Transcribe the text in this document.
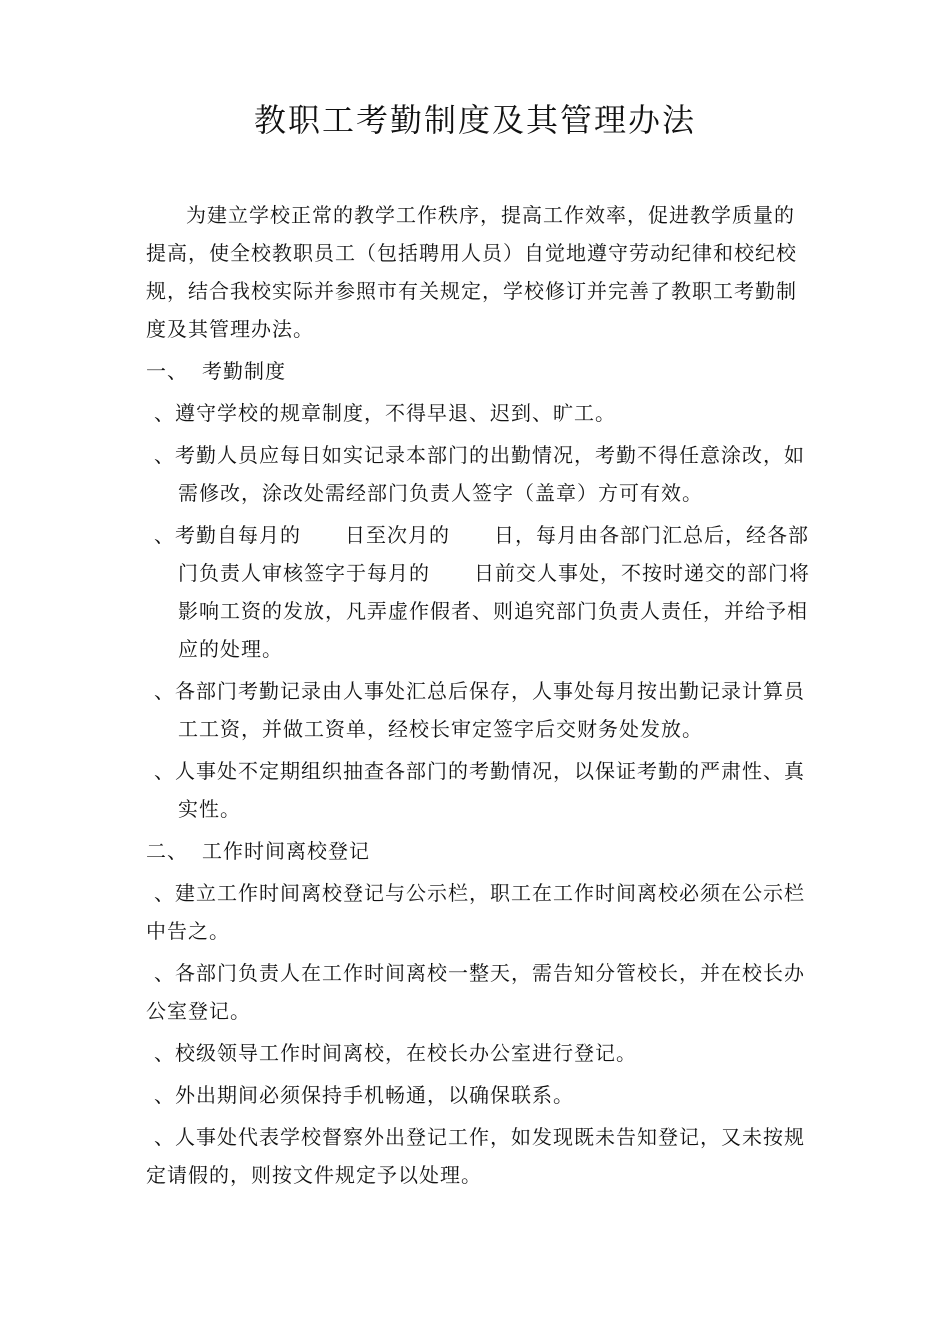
教职工考勤制度及其管理办法

为建立学校正常的教学工作秩序，提高工作效率，促进教学质量的提高，使全校教职员工（包括聘用人员）自觉地遵守劳动纪律和校纪校规，结合我校实际并参照市有关规定，学校修订并完善了教职工考勤制度及其管理办法。

一、 考勤制度

、遵守学校的规章制度，不得早退、迟到、旷工。

、考勤人员应每日如实记录本部门的出勤情况，考勤不得任意涂改，如需修改，涂改处需经部门负责人签字（盖章）方可有效。

、考勤自每月的 日至次月的 日，每月由各部门汇总后，经各部门负责人审核签字于每月的 日前交人事处，不按时递交的部门将影响工资的发放，凡弄虚作假者、则追究部门负责人责任，并给予相应的处理。

、各部门考勤记录由人事处汇总后保存，人事处每月按出勤记录计算员工工资，并做工资单，经校长审定签字后交财务处发放。

、人事处不定期组织抽查各部门的考勤情况，以保证考勤的严肃性、真实性。

二、 工作时间离校登记

、建立工作时间离校登记与公示栏，职工在工作时间离校必须在公示栏中告之。

、各部门负责人在工作时间离校一整天，需告知分管校长，并在校长办公室登记。

、校级领导工作时间离校，在校长办公室进行登记。

、外出期间必须保持手机畅通，以确保联系。

、人事处代表学校督察外出登记工作，如发现既未告知登记，又未按规定请假的，则按文件规定予以处理。
